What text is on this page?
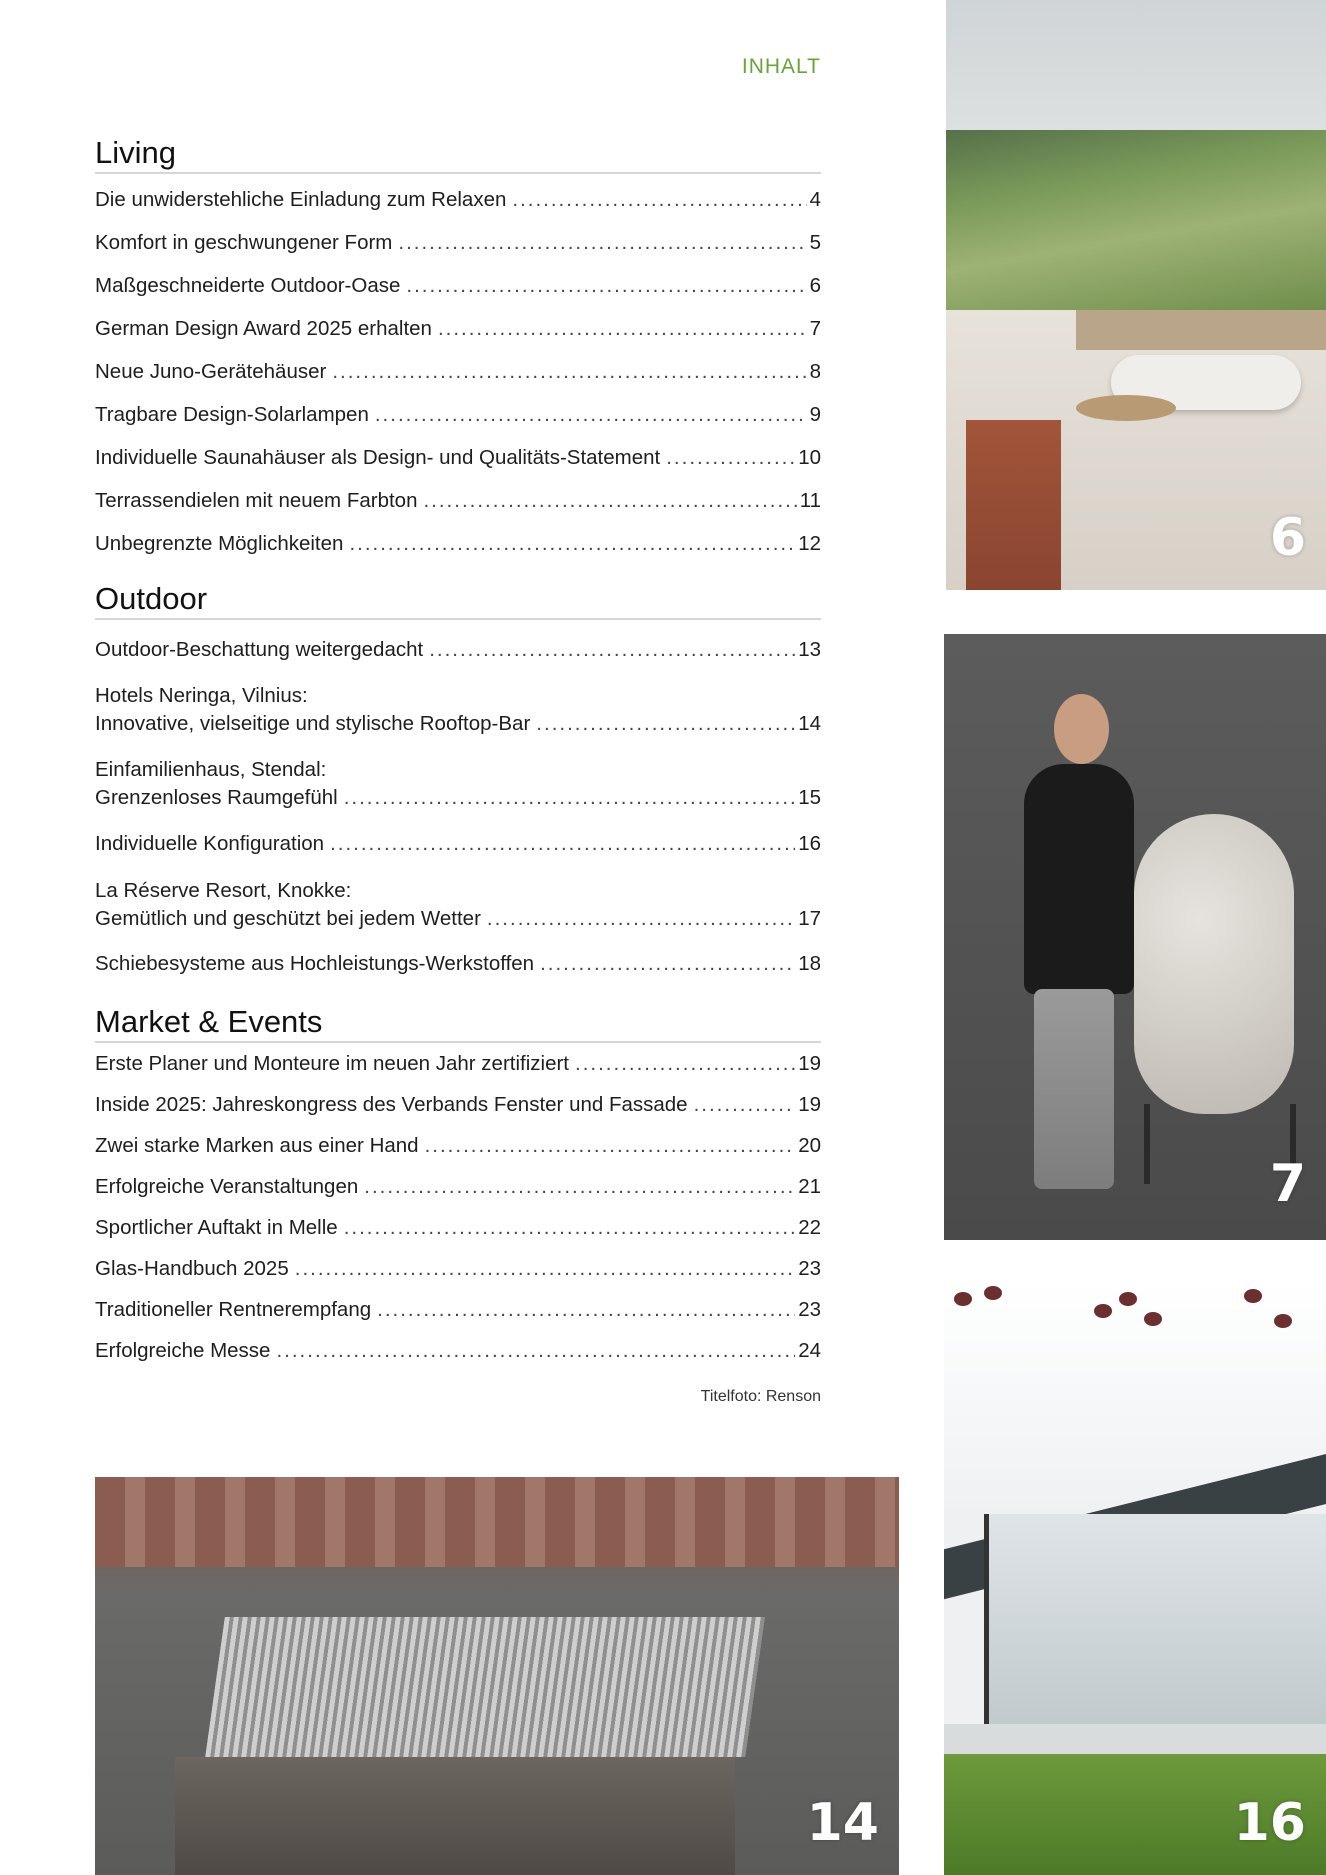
INHALT
Living
Die unwiderstehliche Einladung zum Relaxen .....	4
Komfort in geschwungener Form .....	5
Maßgeschneiderte Outdoor-Oase .....	6
German Design Award 2025 erhalten .....	7
Neue Juno-Gerätehäuser .....	8
Tragbare Design-Solarlampen .....	9
Individuelle Saunahäuser als Design- und Qualitäts-Statement .....	10
Terrassendielen mit neuem Farbton .....	11
Unbegrenzte Möglichkeiten .....	12
Outdoor
Outdoor-Beschattung weitergedacht .....	13
Hotels Neringa, Vilnius:
Innovative, vielseitige und stylische Rooftop-Bar .....	14
Einfamilienhaus, Stendal:
Grenzenloses Raumgefühl .....	15
Individuelle Konfiguration .....	16
La Réserve Resort, Knokke:
Gemütlich und geschützt bei jedem Wetter .....	17
Schiebesysteme aus Hochleistungs-Werkstoffen .....	18
Market & Events
Erste Planer und Monteure im neuen Jahr zertifiziert .....	19
Inside 2025: Jahreskongress des Verbands Fenster und Fassade .....	19
Zwei starke Marken aus einer Hand .....	20
Erfolgreiche Veranstaltungen .....	21
Sportlicher Auftakt in Melle .....	22
Glas-Handbuch 2025 .....	23
Traditioneller Rentnerempfang .....	23
Erfolgreiche Messe .....	24
Titelfoto: Renson
6
7
14	16
